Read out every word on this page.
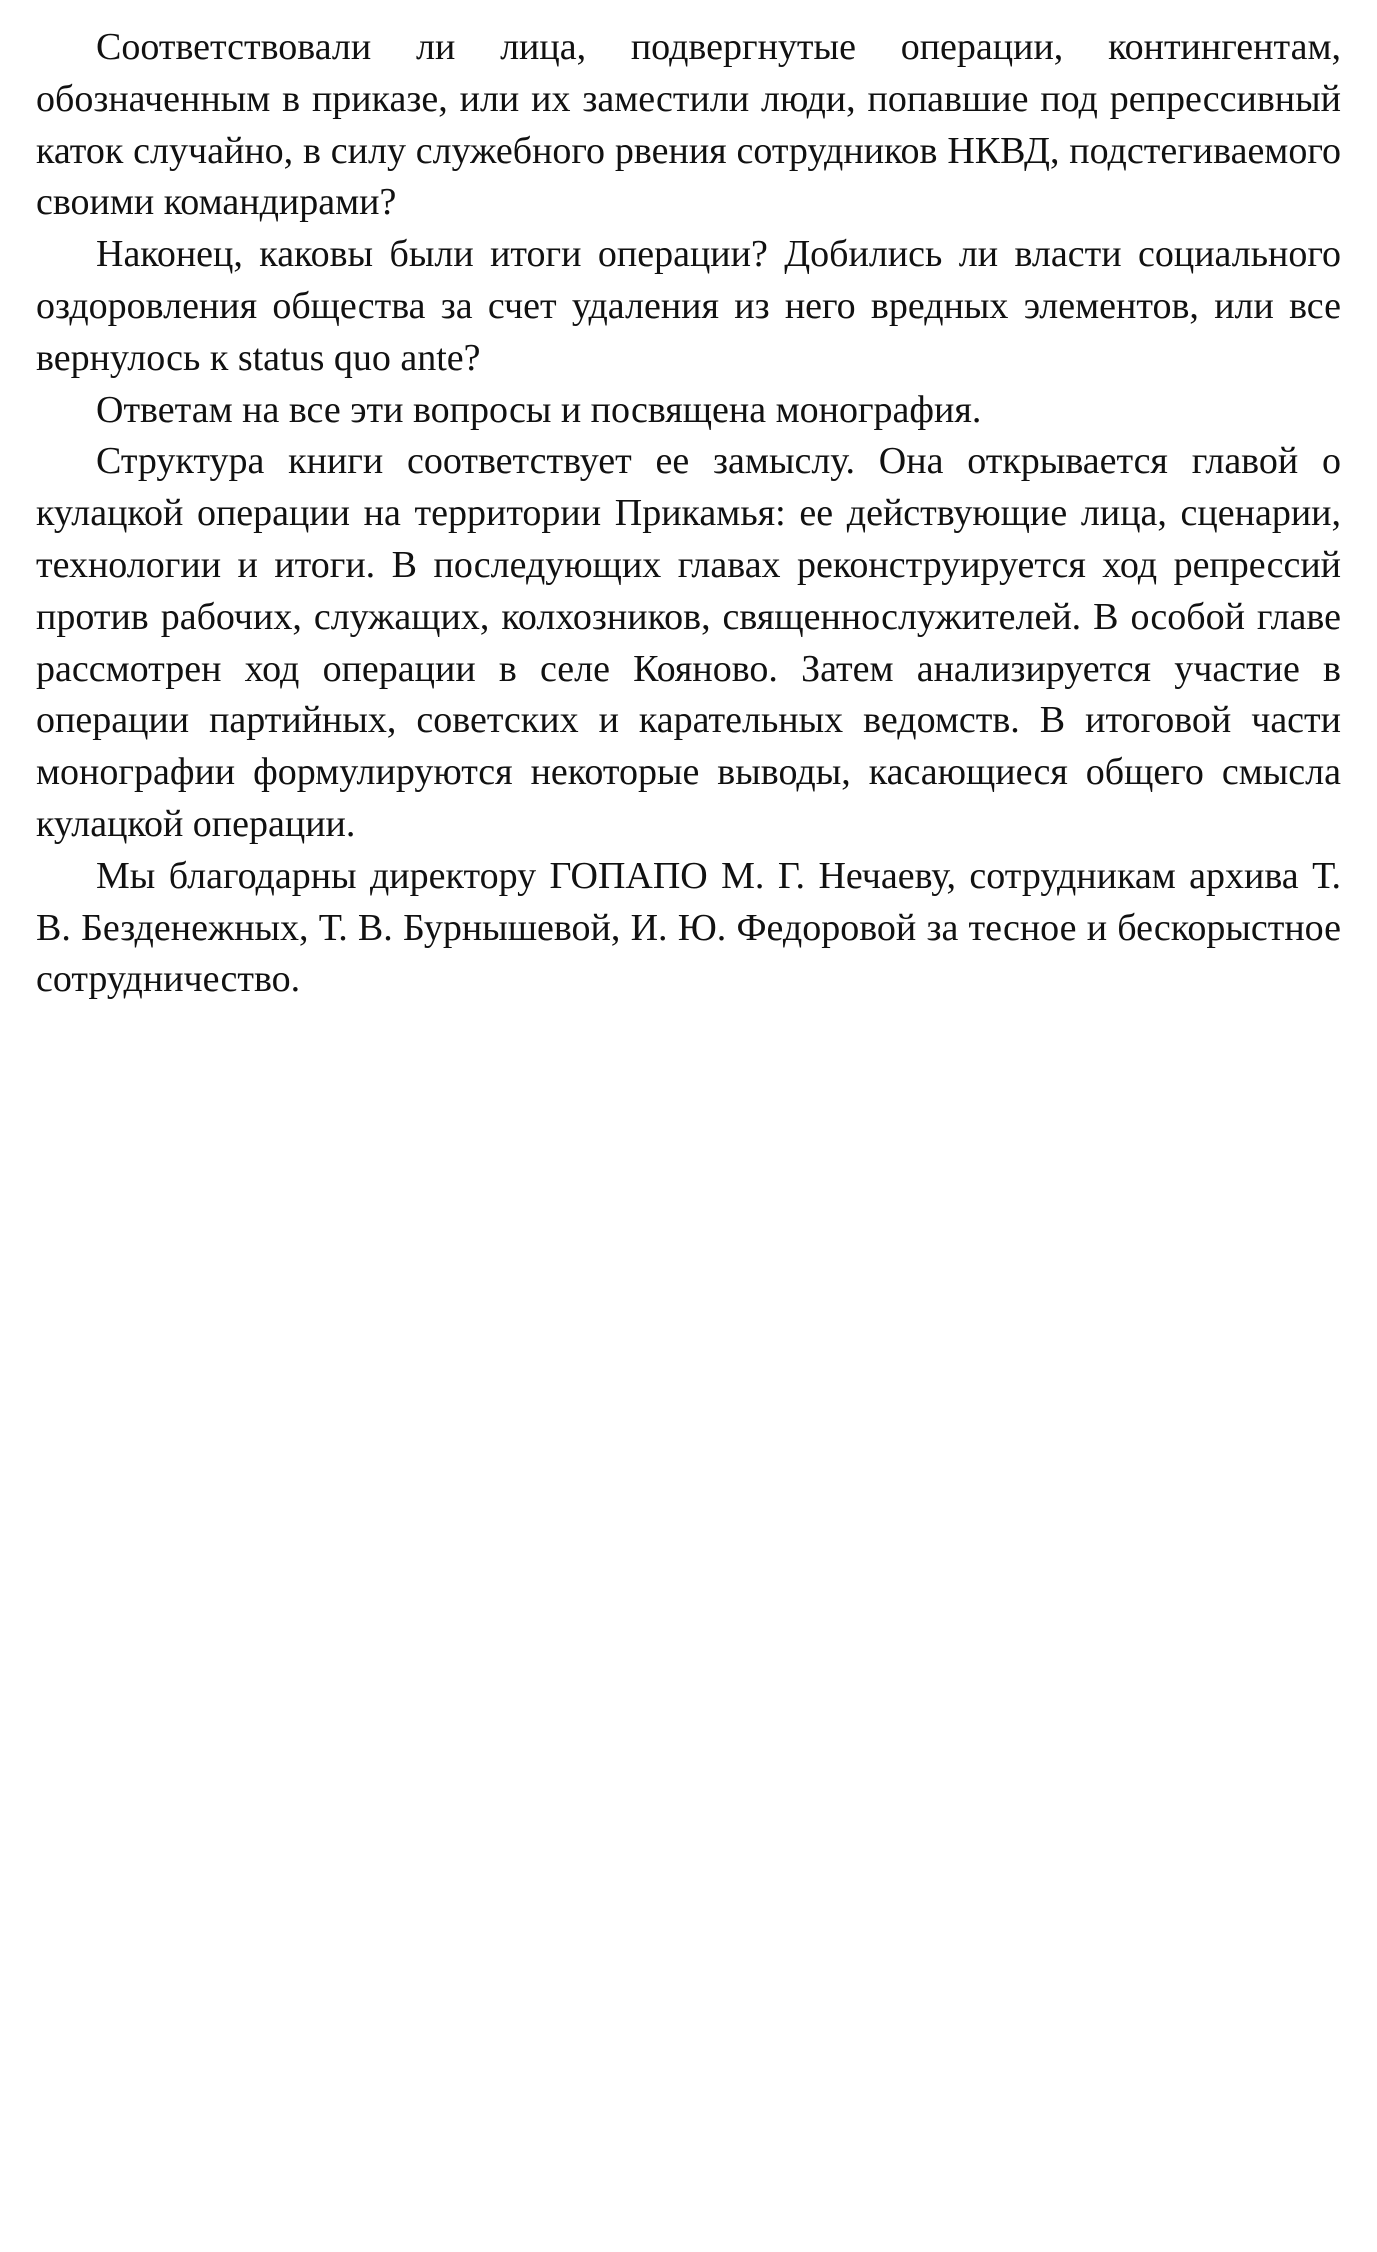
Соответствовали ли лица, подвергнутые операции, контингентам, обозначенным в приказе, или их заместили люди, попавшие под репрессивный каток случайно, в силу служебного рвения сотрудников НКВД, подстегиваемого своими командирами?

Наконец, каковы были итоги операции? Добились ли власти социального оздоровления общества за счет удаления из него вредных элементов, или все вернулось к status quo ante?

Ответам на все эти вопросы и посвящена монография.

Структура книги соответствует ее замыслу. Она открывается главой о кулацкой операции на территории Прикамья: ее действующие лица, сценарии, технологии и итоги. В последующих главах реконструируется ход репрессий против рабочих, служащих, колхозников, священнослужителей. В особой главе рассмотрен ход операции в селе Кояново. Затем анализируется участие в операции партийных, советских и карательных ведомств. В итоговой части монографии формулируются некоторые выводы, касающиеся общего смысла кулацкой операции.

Мы благодарны директору ГОПАПО М. Г. Нечаеву, сотрудникам архива Т. В. Безденежных, Т. В. Бурнышевой, И. Ю. Федоровой за тесное и бескорыстное сотрудничество.
